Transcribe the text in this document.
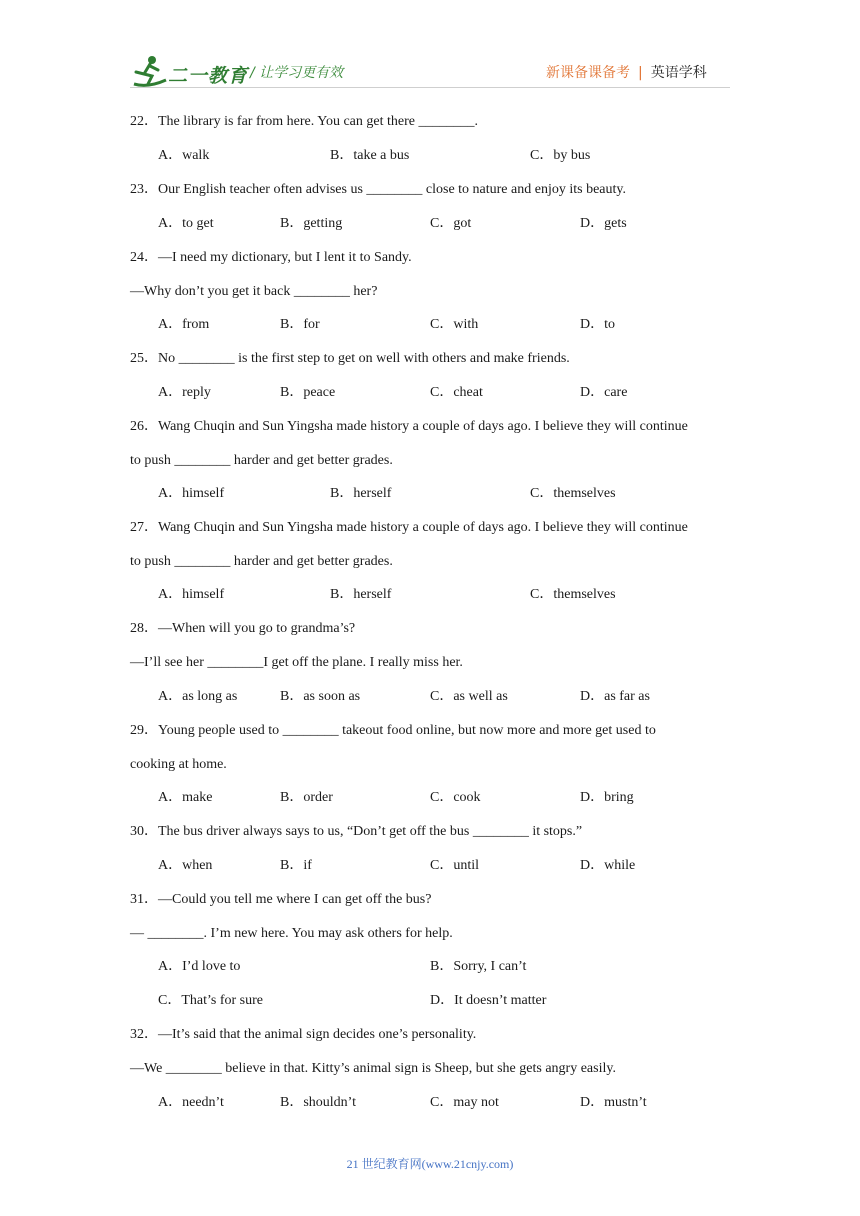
二一教育 / 让学习更有效	新课备课备考 | 英语学科
22．The library is far from here. You can get there ________.
A．walk	B．take a bus	C．by bus
23．Our English teacher often advises us ________ close to nature and enjoy its beauty.
A．to get	B．getting	C．got	D．gets
24．—I need my dictionary, but I lent it to Sandy.
—Why don’t you get it back ________ her?
A．from	B．for	C．with	D．to
25．No ________ is the first step to get on well with others and make friends.
A．reply	B．peace	C．cheat	D．care
26．Wang Chuqin and Sun Yingsha made history a couple of days ago. I believe they will continue
to push ________ harder and get better grades.
A．himself	B．herself	C．themselves
27．Wang Chuqin and Sun Yingsha made history a couple of days ago. I believe they will continue
to push ________ harder and get better grades.
A．himself	B．herself	C．themselves
28．—When will you go to grandma’s?
—I’ll see her ________I get off the plane. I really miss her.
A．as long as	B．as soon as	C．as well as	D．as far as
29．Young people used to ________ takeout food online, but now more and more get used to
cooking at home.
A．make	B．order	C．cook	D．bring
30．The bus driver always says to us, “Don’t get off the bus ________ it stops.”
A．when	B．if	C．until	D．while
31．—Could you tell me where I can get off the bus?
— ________. I’m new here. You may ask others for help.
A．I’d love to	B．Sorry, I can’t
C．That’s for sure	D．It doesn’t matter
32．—It’s said that the animal sign decides one’s personality.
—We ________ believe in that. Kitty’s animal sign is Sheep, but she gets angry easily.
A．needn’t	B．shouldn’t	C．may not	D．mustn’t
21 世纪教育网(www.21cnjy.com)
